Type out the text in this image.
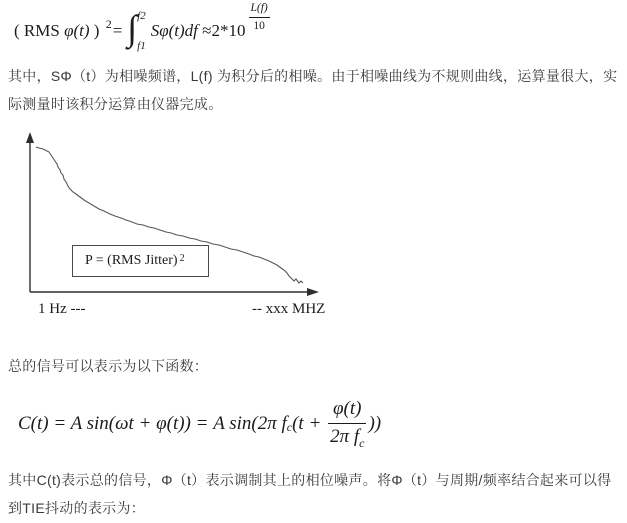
( RMS φ(t) ) 2 = ∫ f2
f1
$S\varphi(t)df \approx 2*10 \frac{L(f)}{10}$
其中，SΦ（t）为相噪频谱，L(f) 为积分后的相噪。由于相噪曲线为不规则曲线，运算量很大，实际测量时该积分运算由仪器完成。
P = (RMS Jitter)$^2$
1 Hz ---	-- xxx MHZ
总的信号可以表示为以下函数：
C(t) = A sin(ωt + φ(t)) = A sin(2π f c ($t + \frac{\varphi(t)}{2\pi f_c}$ ))
其中C(t)表示总的信号，Φ（t）表示调制其上的相位噪声。将Φ（t）与周期/频率结合起来可以得到TIE抖动的表示为：
